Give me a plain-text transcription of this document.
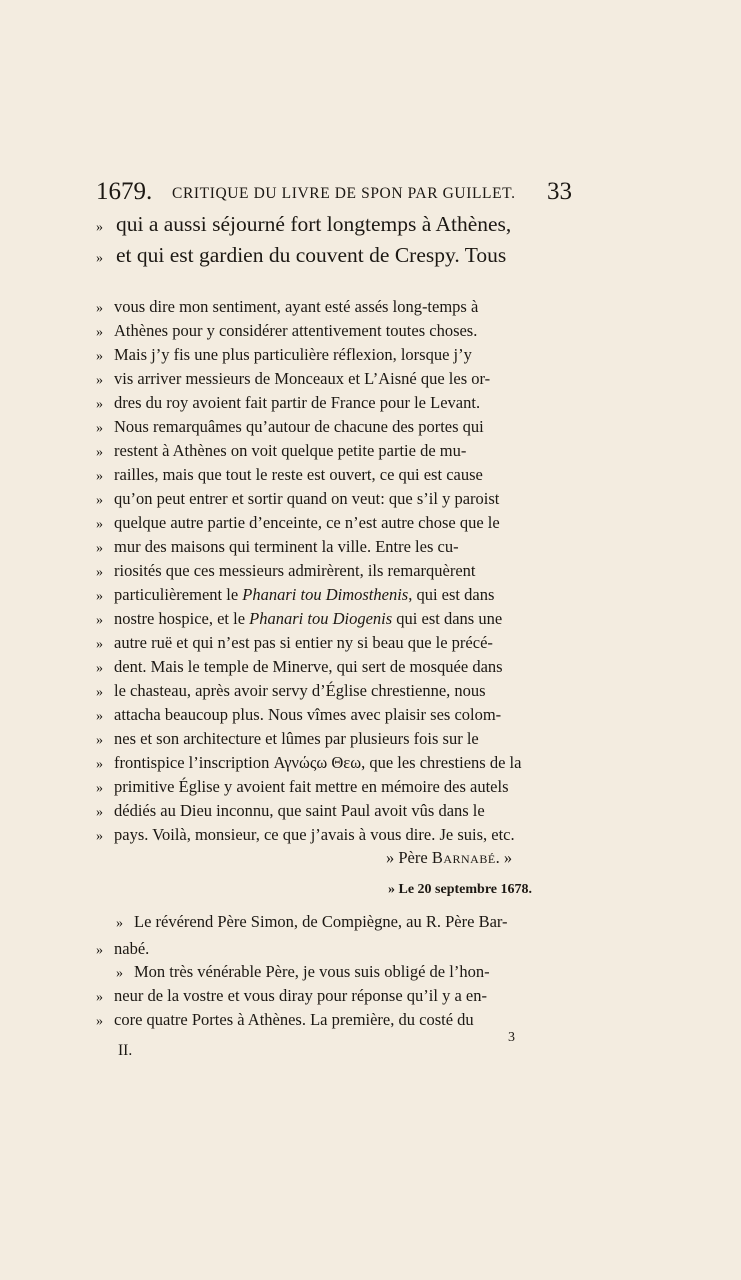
1679. CRITIQUE DU LIVRE DE SPON PAR GUILLET. 33
» qui a aussi séjourné fort longtemps à Athènes,
» et qui est gardien du couvent de Crespy. Tous
» vous dire mon sentiment, ayant esté assés long-temps à
» Athènes pour y considérer attentivement toutes choses.
» Mais j’y fis une plus particulière réflexion, lorsque j’y
» vis arriver messieurs de Monceaux et L’Aisné que les or-
» dres du roy avoient fait partir de France pour le Levant.
» Nous remarquâmes qu’autour de chacune des portes qui
» restent à Athènes on voit quelque petite partie de mu-
» railles, mais que tout le reste est ouvert, ce qui est cause
» qu’on peut entrer et sortir quand on veut: que s’il y paroist
» quelque autre partie d’enceinte, ce n’est autre chose que le
» mur des maisons qui terminent la ville. Entre les cu-
» riosités que ces messieurs admirèrent, ils remarquèrent
» particulièrement le Phanari tou Dimosthenis, qui est dans
» nostre hospice, et le Phanari tou Diogenis qui est dans une
» autre ruë et qui n’est pas si entier ny si beau que le précé-
» dent. Mais le temple de Minerve, qui sert de mosquée dans
» le chasteau, après avoir servy d’Église chrestienne, nous
» attacha beaucoup plus. Nous vîmes avec plaisir ses colom-
» nes et son architecture et lûmes par plusieurs fois sur le
» frontispice l’inscription Αγνώςω Θεω, que les chrestiens de la
» primitive Église y avoient fait mettre en mémoire des autels
» dédiés au Dieu inconnu, que saint Paul avoit vûs dans le
» pays. Voilà, monsieur, ce que j’avais à vous dire. Je suis, etc.
» Père Barnabé. »
» Le 20 septembre 1678.
» Le révérend Père Simon, de Compiègne, au R. Père Bar-
» nabé.
» Mon très vénérable Père, je vous suis obligé de l’hon-
» neur de la vostre et vous diray pour réponse qu’il y a en-
» core quatre Portes à Athènes. La première, du costé du
II.
3
